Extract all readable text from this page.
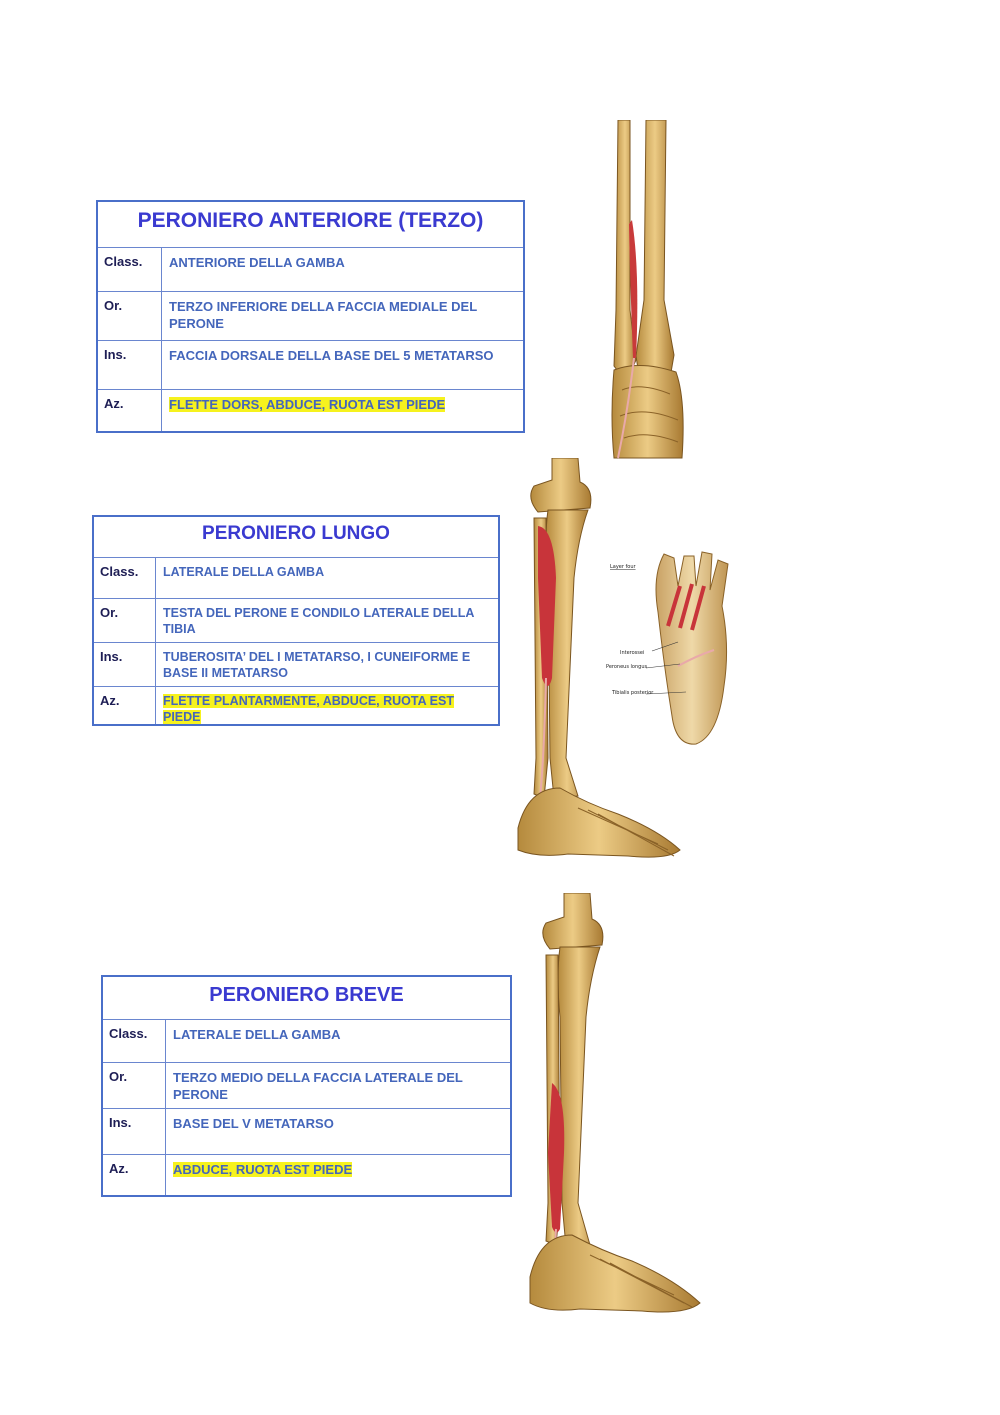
PERONIERO ANTERIORE (TERZO)
Class.	ANTERIORE DELLA GAMBA
Or.	TERZO INFERIORE DELLA FACCIA MEDIALE DEL PERONE
Ins.	FACCIA DORSALE DELLA BASE DEL 5 METATARSO
Az.	FLETTE DORS, ABDUCE, RUOTA EST PIEDE
PERONIERO LUNGO
Class.	LATERALE DELLA GAMBA
Or.	TESTA DEL PERONE E CONDILO LATERALE DELLA TIBIA
Ins.	TUBEROSITA’ DEL I METATARSO, I CUNEIFORME E BASE II METATARSO
Az.	FLETTE PLANTARMENTE, ABDUCE, RUOTA EST PIEDE
PERONIERO BREVE
Class.	LATERALE DELLA GAMBA
Or.	TERZO MEDIO DELLA FACCIA LATERALE DEL PERONE
Ins.	BASE DEL V METATARSO
Az.	ABDUCE, RUOTA EST PIEDE
Layer four
Interossei
Peroneus longus
Tibialis posterior
